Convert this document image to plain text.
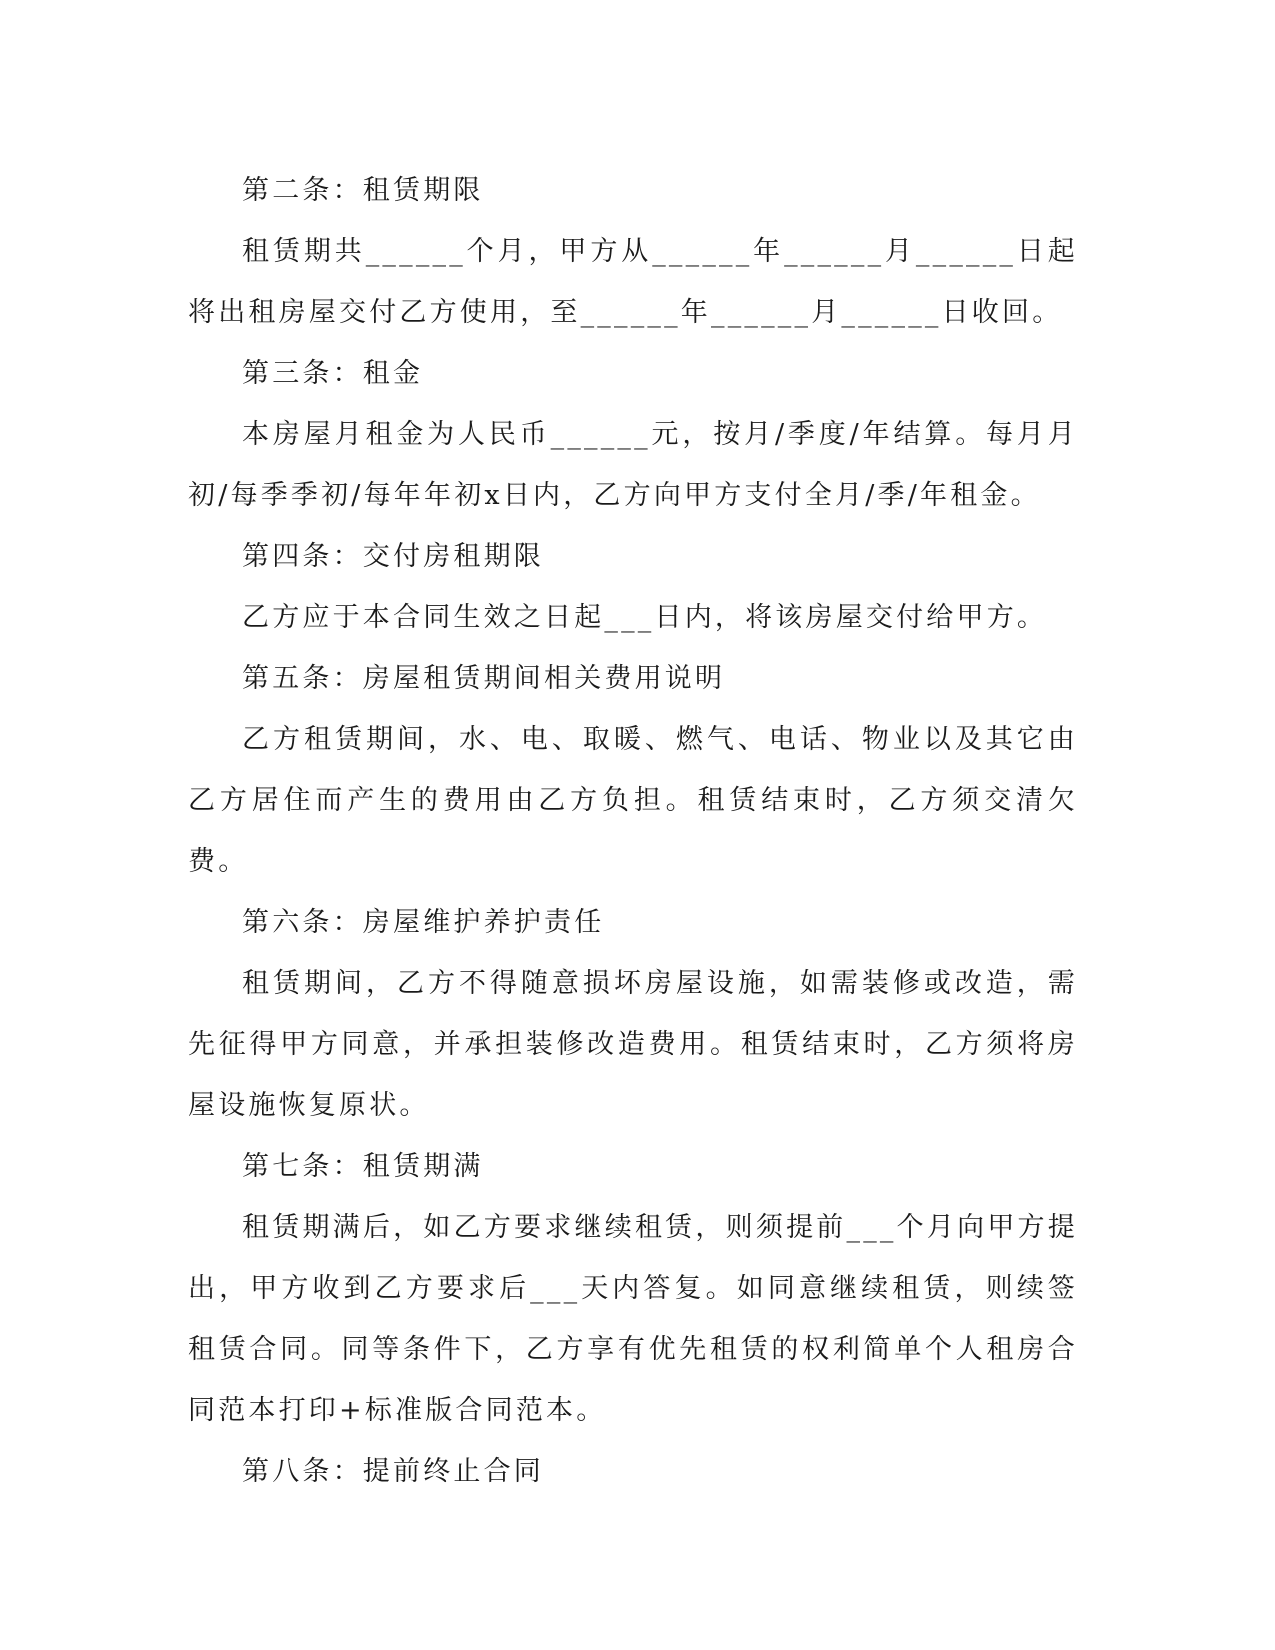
第二条：租赁期限

租赁期共______个月，甲方从______年______月______日起将出租房屋交付乙方使用，至______年______月______日收回。

第三条：租金

本房屋月租金为人民币______元，按月/季度/年结算。每月月初/每季季初/每年年初x日内，乙方向甲方支付全月/季/年租金。

第四条：交付房租期限

乙方应于本合同生效之日起___日内，将该房屋交付给甲方。

第五条：房屋租赁期间相关费用说明

乙方租赁期间，水、电、取暖、燃气、电话、物业以及其它由乙方居住而产生的费用由乙方负担。租赁结束时，乙方须交清欠费。

第六条：房屋维护养护责任

租赁期间，乙方不得随意损坏房屋设施，如需装修或改造，需先征得甲方同意，并承担装修改造费用。租赁结束时，乙方须将房屋设施恢复原状。

第七条：租赁期满

租赁期满后，如乙方要求继续租赁，则须提前___个月向甲方提出，甲方收到乙方要求后___天内答复。如同意继续租赁，则续签租赁合同。同等条件下，乙方享有优先租赁的权利简单个人租房合同范本打印+标准版合同范本。

第八条：提前终止合同
